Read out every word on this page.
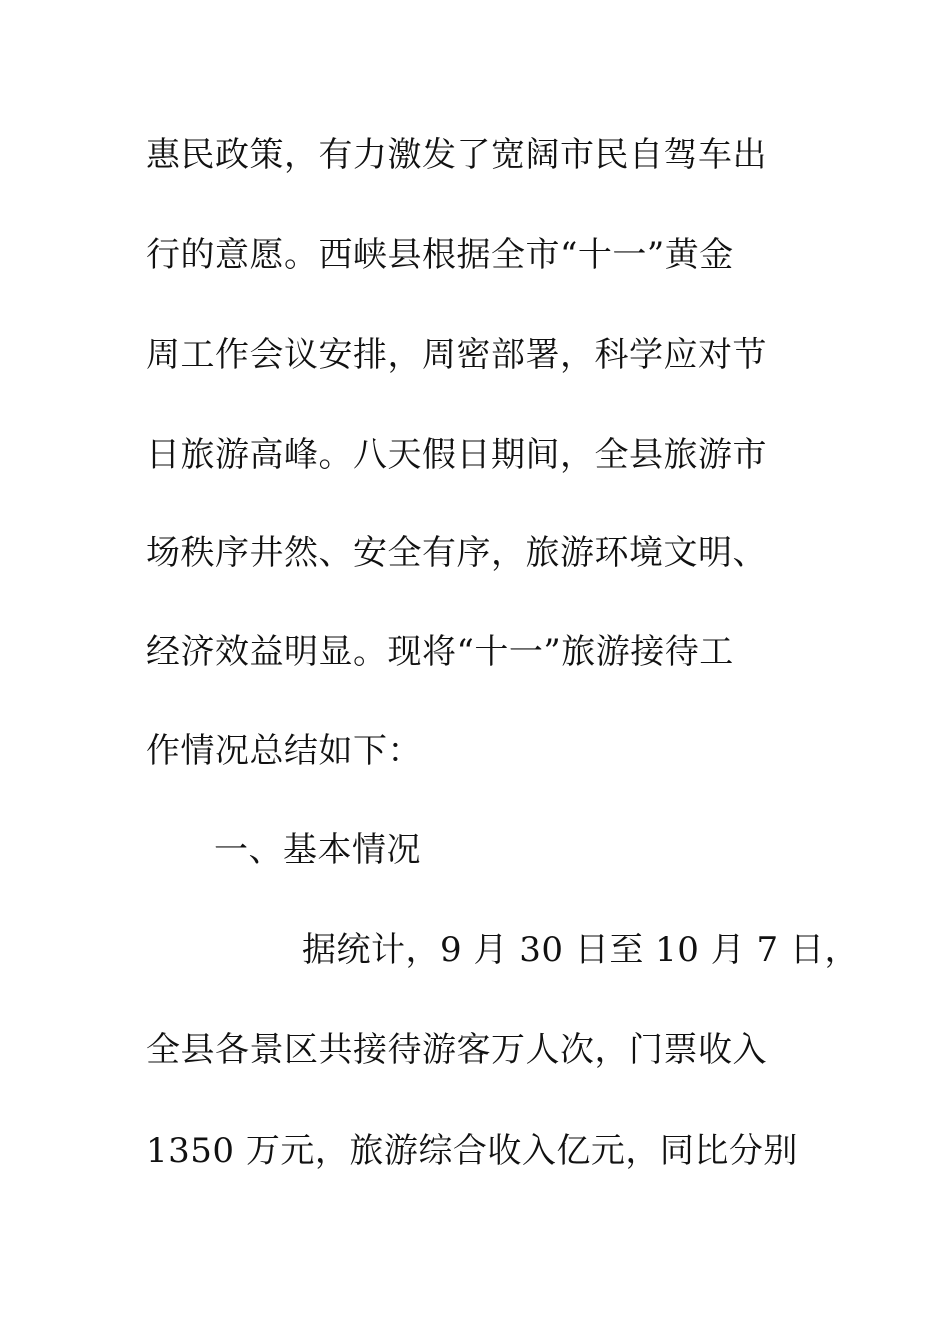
惠民政策，有力激发了宽阔市民自驾车出
行的意愿。西峡县根据全市“十一”黄金
周工作会议安排，周密部署，科学应对节
日旅游高峰。八天假日期间，全县旅游市
场秩序井然、安全有序，旅游环境文明、
经济效益明显。现将“十一”旅游接待工
作情况总结如下：
一、基本情况
据统计，9 月 30 日至 10 月 7 日，
全县各景区共接待游客万人次，门票收入
1350 万元，旅游综合收入亿元，同比分别
